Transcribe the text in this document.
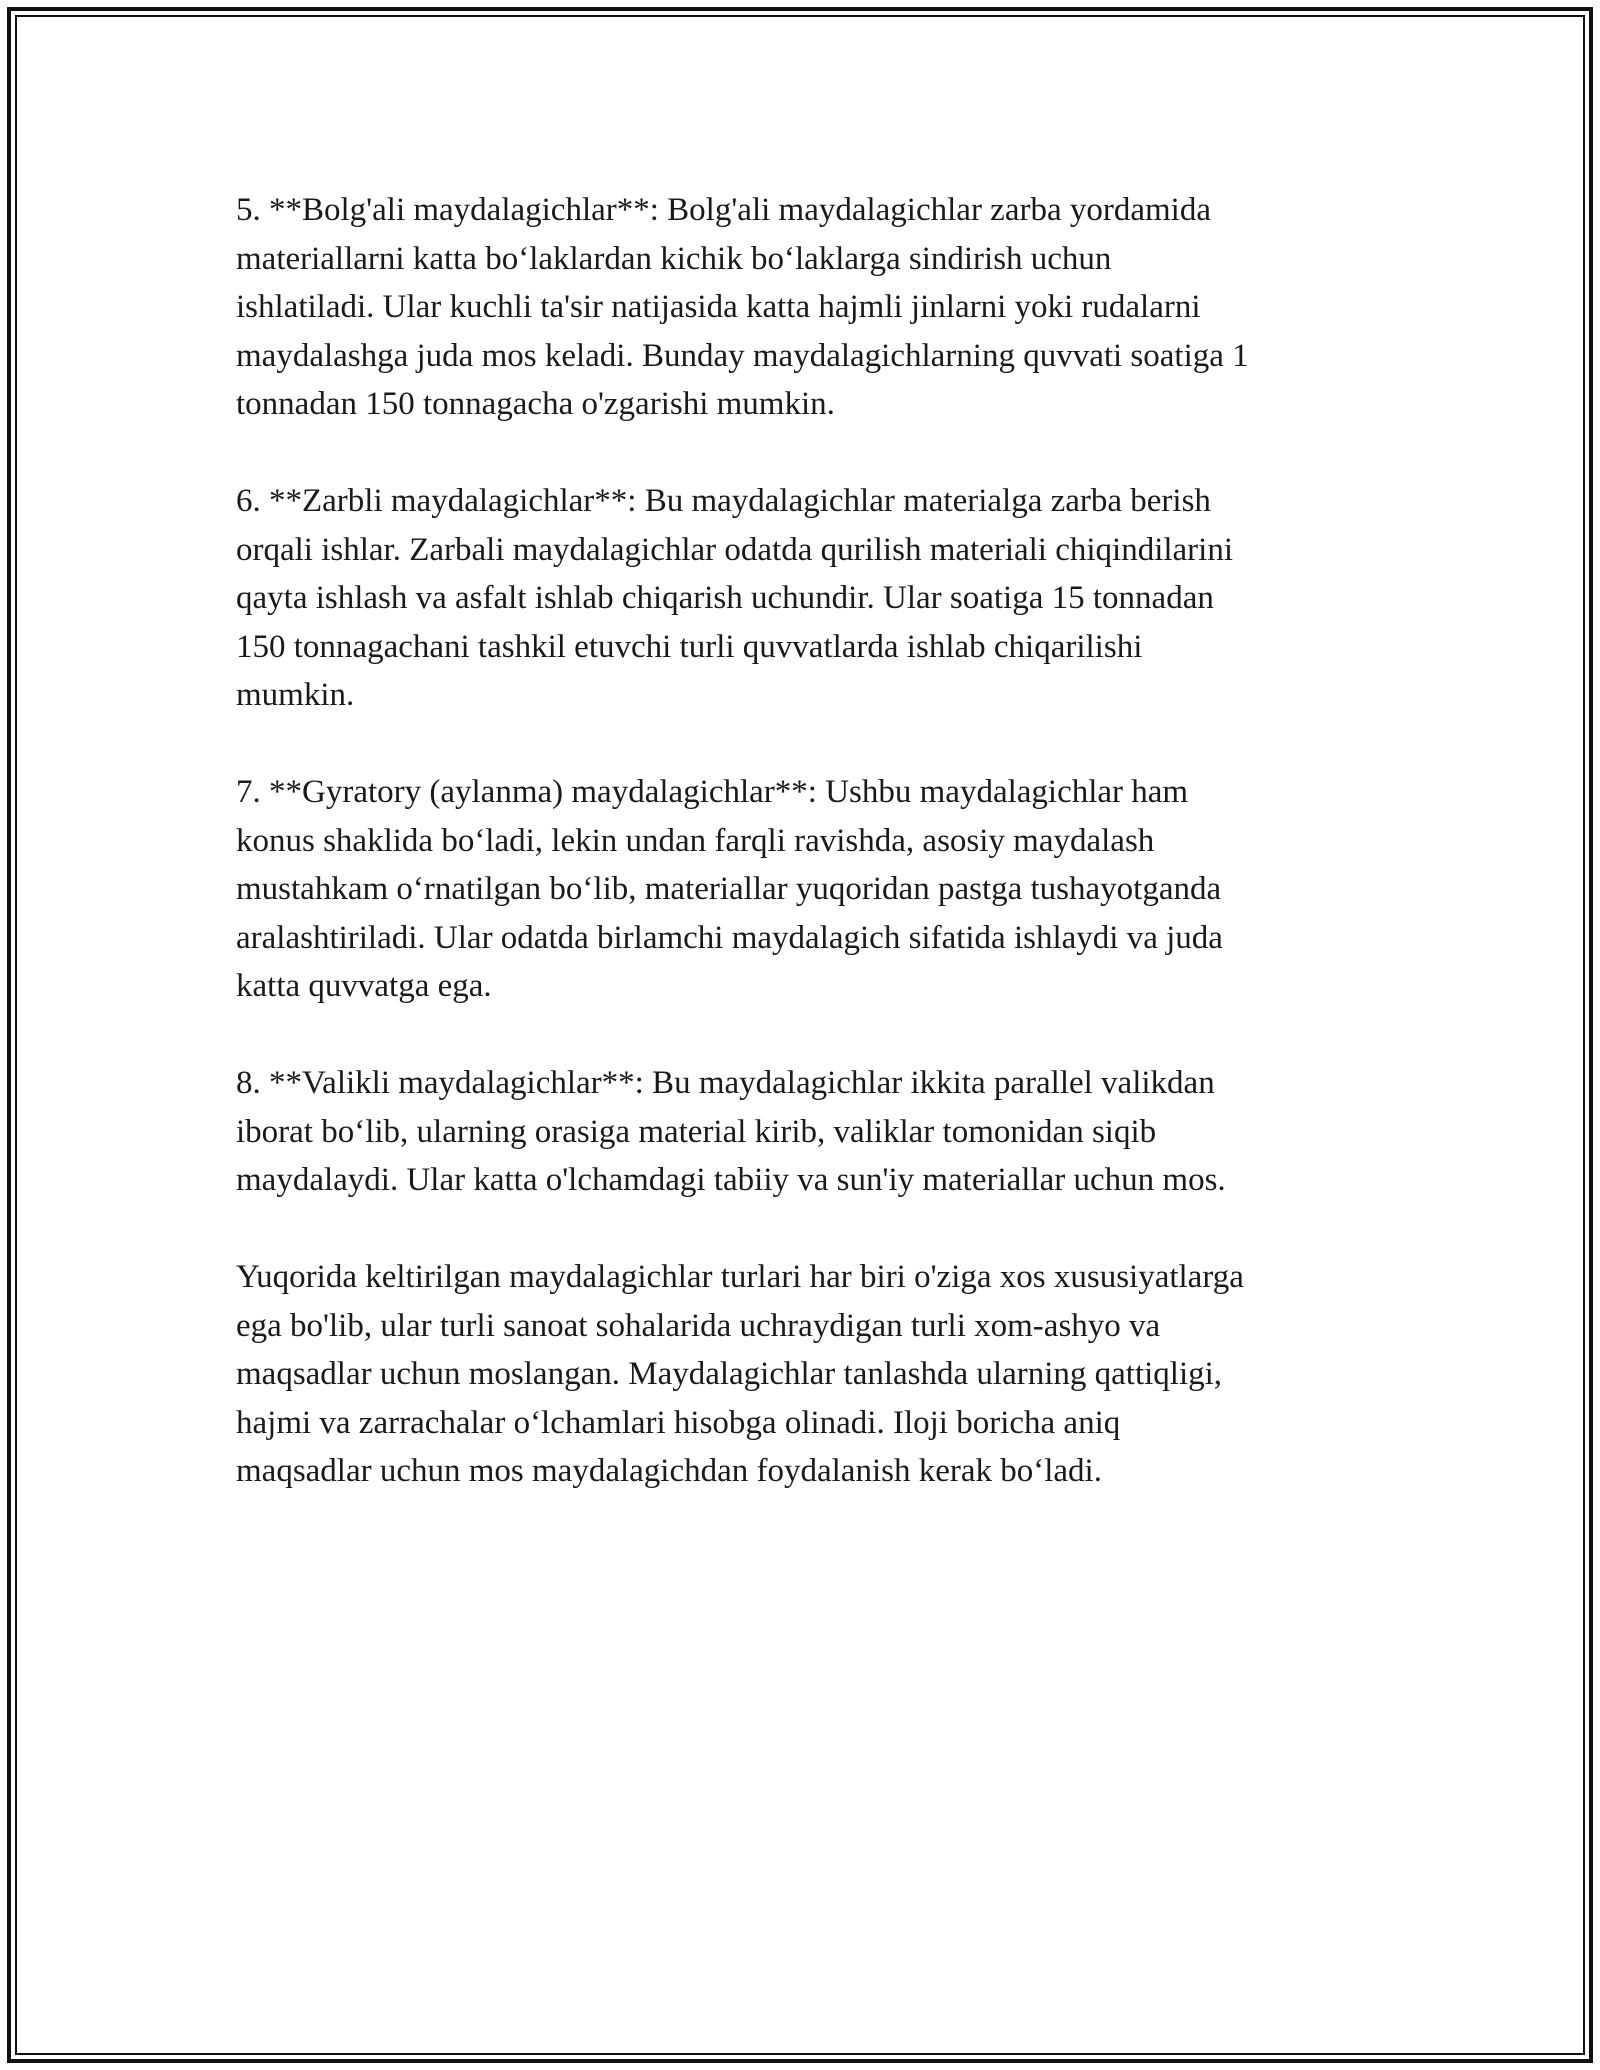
5. **Bolg'ali maydalagichlar**: Bolg'ali maydalagichlar zarba yordamida
materiallarni katta bo‘laklardan kichik bo‘laklarga sindirish uchun
ishlatiladi. Ular kuchli ta'sir natijasida katta hajmli jinlarni yoki rudalarni
maydalashga juda mos keladi. Bunday maydalagichlarning quvvati soatiga 1
tonnadan 150 tonnagacha o'zgarishi mumkin.

6. **Zarbli maydalagichlar**: Bu maydalagichlar materialga zarba berish
orqali ishlar. Zarbali maydalagichlar odatda qurilish materiali chiqindilarini
qayta ishlash va asfalt ishlab chiqarish uchundir. Ular soatiga 15 tonnadan
150 tonnagachani tashkil etuvchi turli quvvatlarda ishlab chiqarilishi
mumkin.

7. **Gyratory (aylanma) maydalagichlar**: Ushbu maydalagichlar ham
konus shaklida bo‘ladi, lekin undan farqli ravishda, asosiy maydalash
mustahkam o‘rnatilgan bo‘lib, materiallar yuqoridan pastga tushayotganda
aralashtiriladi. Ular odatda birlamchi maydalagich sifatida ishlaydi va juda
katta quvvatga ega.

8. **Valikli maydalagichlar**: Bu maydalagichlar ikkita parallel valikdan
iborat bo‘lib, ularning orasiga material kirib, valiklar tomonidan siqib
maydalaydi. Ular katta o'lchamdagi tabiiy va sun'iy materiallar uchun mos.

Yuqorida keltirilgan maydalagichlar turlari har biri o'ziga xos xususiyatlarga
ega bo'lib, ular turli sanoat sohalarida uchraydigan turli xom-ashyo va
maqsadlar uchun moslangan. Maydalagichlar tanlashda ularning qattiqligi,
hajmi va zarrachalar o‘lchamlari hisobga olinadi. Iloji boricha aniq
maqsadlar uchun mos maydalagichdan foydalanish kerak bo‘ladi.
